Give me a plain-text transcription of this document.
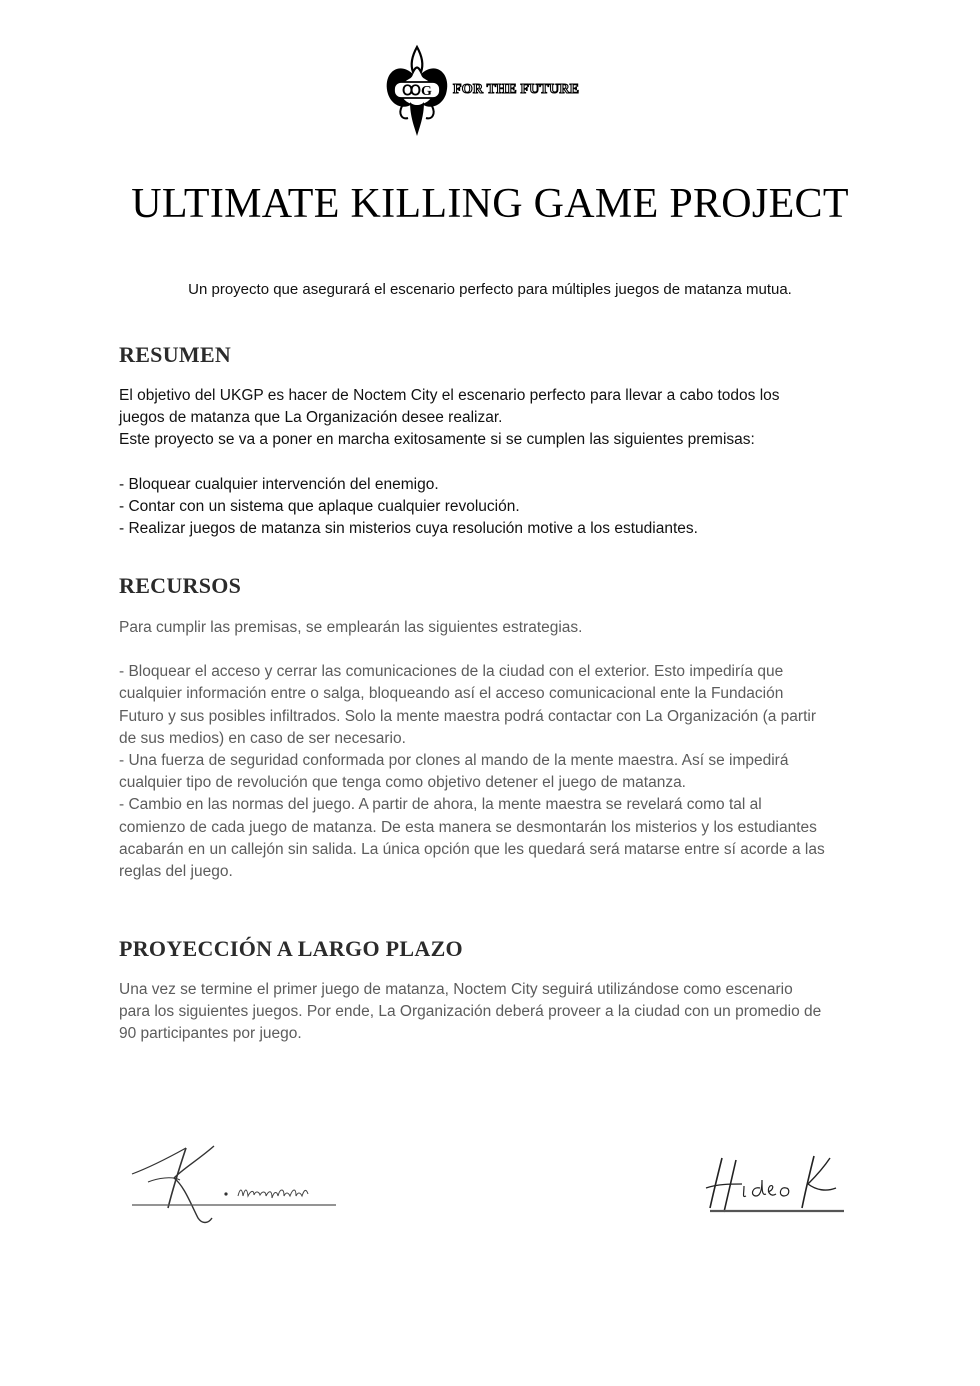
ꝎG FOR THE FUTURE
ULTIMATE KILLING GAME PROJECT

Un proyecto que asegurará el escenario perfecto para múltiples juegos de matanza mutua.

RESUMEN

El objetivo del UKGP es hacer de Noctem City el escenario perfecto para llevar a cabo todos los

juegos de matanza que La Organización desee realizar.

Este proyecto se va a poner en marcha exitosamente si se cumplen las siguientes premisas:

- Bloquear cualquier intervención del enemigo.

- Contar con un sistema que aplaque cualquier revolución.

- Realizar juegos de matanza sin misterios cuya resolución motive a los estudiantes.

RECURSOS

Para cumplir las premisas, se emplearán las siguientes estrategias.

- Bloquear el acceso y cerrar las comunicaciones de la ciudad con el exterior. Esto impediría que

cualquier información entre o salga, bloqueando así el acceso comunicacional ente la Fundación

Futuro y sus posibles infiltrados. Solo la mente maestra podrá contactar con La Organización (a partir

de sus medios) en caso de ser necesario.

- Una fuerza de seguridad conformada por clones al mando de la mente maestra. Así se impedirá

cualquier tipo de revolución que tenga como objetivo detener el juego de matanza.

- Cambio en las normas del juego. A partir de ahora, la mente maestra se revelará como tal al

comienzo de cada juego de matanza. De esta manera se desmontarán los misterios y los estudiantes

acabarán en un callejón sin salida. La única opción que les quedará será matarse entre sí acorde a las

reglas del juego.

PROYECCIÓN A LARGO PLAZO

Una vez se termine el primer juego de matanza, Noctem City seguirá utilizándose como escenario

para los siguientes juegos. Por ende, La Organización deberá proveer a la ciudad con un promedio de

90 participantes por juego.
